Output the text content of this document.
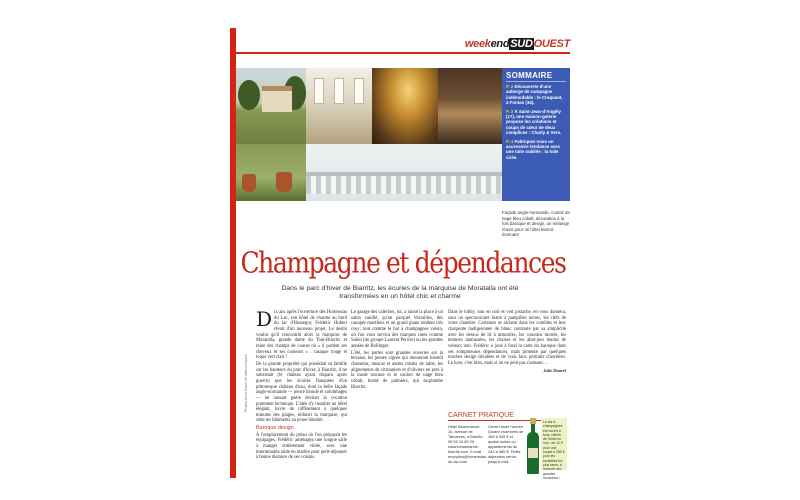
weekendSUDOUEST
SOMMAIRE
P. 2 Découverte d'une auberge de campagne indémodable : le Croquant, à Fontan (34).
P. 3 À Saint-Jean-d'Angély (17), une maison-galerie propose les créations et coups de cœur de deux complices : Charly & Vero.
P. 4 Fabriquez-vous un accessoire tendance avec une toile oubliée : la toile cirée.
Façade anglo-normande, couloir de nage bleu cobalt, décoration à la fois baroque et design, un mélange réussi pour un hôtel biarrot étonnant
Champagne et dépendances
Dans le parc d'hiver de Biarritz, les écuries de la marquise de Moratalla ont été transformées en un hôtel chic et charme
Photos Anne Bizon et Valérie Haisot
D ix ans après l'ouverture des Hortensias du Lac, son hôtel de charme au bord du lac d'Hossegor, Frédéric Hubert rêvait d'un nouveau projet. Le destin voulut qu'il rencontrât alors la marquise de Moratalla, grande dame du Tout-Biarritz et reine des champs de course où « il portent ses cheveux et ses couleurs » : casaque rouge et toque vert clair !

De la grande propriété qui possédait sa famille sur les hauteurs du parc d'hiver, à Biarritz, il ne subsistait (le château ayant disparu après guerre) que les écuries flanquées d'un pittoresque château d'eau, dont la belle façade anglo-normande — pierre blonde et colombages — ne laissait guère deviner la vocation purement technique. L'idée d'y installer un hôtel élégant, havre de raffinement à quelques minutes des plages, séduisit la marquise, qui céda les bâtiments au jeune hôtelier.

Baroque design

À l'emplacement du préau où l'on préparait les équipages, Frédéric aménagea une longue salle à manger entièrement vitrée, avec une interminable table en marbre pour petit-déjeuner à bonne distance de ses voisins.

Le garage des calèches, lui, a laissé la place à un salon vanillé, qu'un parquet Versailles, des canapés moelleux et un grand piano rendent très cosy; tout comme le bar à champagnes voisin, où l'on vous servira des marques rares comme Salon (du groupe Laurent Perrier) ou les grandes années de Bollinger.

L'été, les portes sont grandes ouvertes sur la terrasse, les jeunes vignes qui donneront bientôt chasselas, muscat et autres raisins de table, les alignements de citronniers et d'oliviers en pots à la mode toscane et le couloir de nage bleu cobalt, bordé de palmiers, qui surplombe Biarritz.

Dans le lobby, tout en noir et vert pistache, en vous donnera, sous un spectaculaire lustre à pampilles noires, les clefs de votre chambre. Certaines se nichent dans les combles et leur charpente badigeonnée de blanc contraste par sa simplicité avec les dessus de lit à armoiries, les coussins moirés, les tentures damassées, les chaises et les abat-jour tendus de velours noir. Frédéric a joué à fond la carte du baroque dans ses somptueuses dépendances, mais pimenté par quelques touches design décalées et de vrais faux portraits d'ancêtres. Le luxe, c'est bien, mais si on ne peut pas s'amuser…

Julie Daurel
CARNET PRATIQUE
Hôtel Beaumanoir. 10, avenue de Tamames, à Biarritz. 05 59 24 89 29. www.beaumanoir-biarritz.com. E-mail : reception@hortensias-du-lac.com.
Ouvert toute l'année. Quatre chambres de 165 à 335 € et quatre suites ou appartements de 240 à 580 €. Petits déjeuners servis jusqu'à midi.
Le bar à champagnes est ouvert à tous, clients de l'hôtel ou non : de 12 € pour une coupe à 280 € pour les bouteilles les plus rares, à réserver aux grandes occasions !
